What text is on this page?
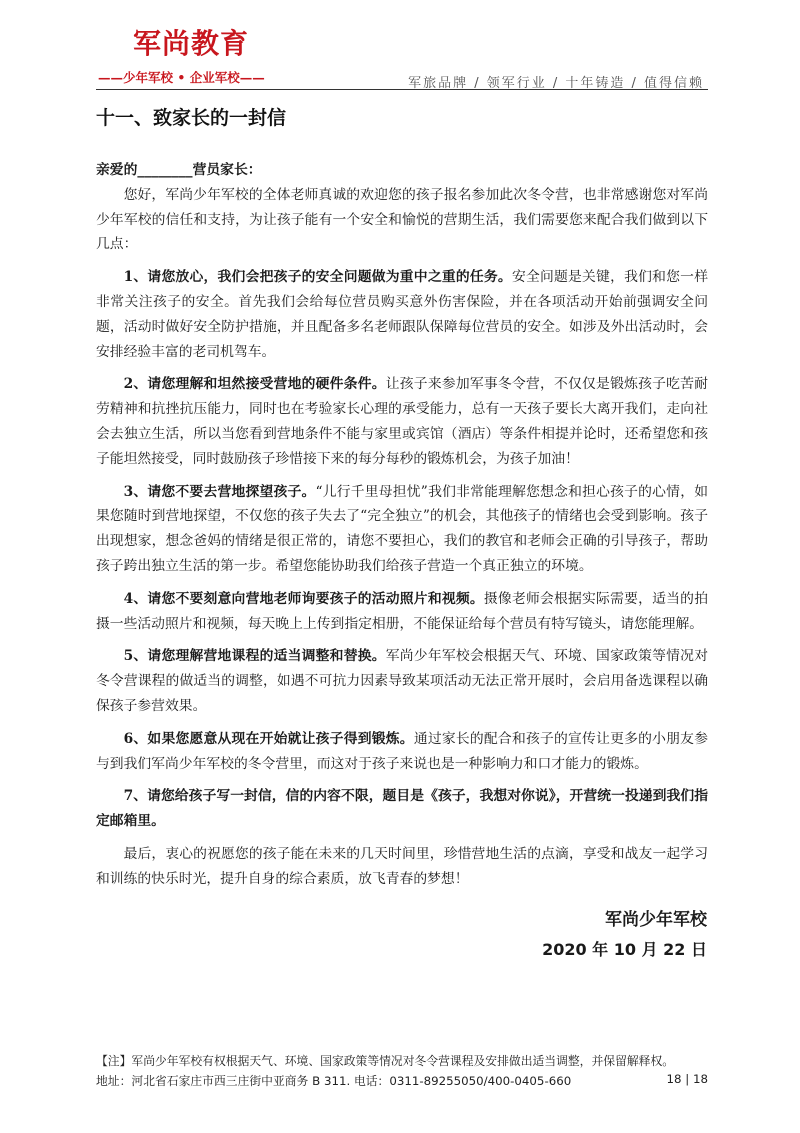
军尚教育
——少年军校 • 企业军校——	军旅品牌 / 领军行业 / 十年铸造 / 值得信赖
十一、致家长的一封信

亲爱的________营员家长：

您好，军尚少年军校的全体老师真诚的欢迎您的孩子报名参加此次冬令营，也非常感谢您对军尚少年军校的信任和支持，为让孩子能有一个安全和愉悦的营期生活，我们需要您来配合我们做到以下几点：

1、请您放心，我们会把孩子的安全问题做为重中之重的任务。安全问题是关键，我们和您一样非常关注孩子的安全。首先我们会给每位营员购买意外伤害保险，并在各项活动开始前强调安全问题，活动时做好安全防护措施，并且配备多名老师跟队保障每位营员的安全。如涉及外出活动时，会安排经验丰富的老司机驾车。

2、请您理解和坦然接受营地的硬件条件。让孩子来参加军事冬令营，不仅仅是锻炼孩子吃苦耐劳精神和抗挫抗压能力，同时也在考验家长心理的承受能力，总有一天孩子要长大离开我们，走向社会去独立生活，所以当您看到营地条件不能与家里或宾馆（酒店）等条件相提并论时，还希望您和孩子能坦然接受，同时鼓励孩子珍惜接下来的每分每秒的锻炼机会，为孩子加油！

3、请您不要去营地探望孩子。“儿行千里母担忧”我们非常能理解您想念和担心孩子的心情，如果您随时到营地探望，不仅您的孩子失去了“完全独立”的机会，其他孩子的情绪也会受到影响。孩子出现想家，想念爸妈的情绪是很正常的，请您不要担心，我们的教官和老师会正确的引导孩子，帮助孩子跨出独立生活的第一步。希望您能协助我们给孩子营造一个真正独立的环境。

4、请您不要刻意向营地老师询要孩子的活动照片和视频。摄像老师会根据实际需要，适当的拍摄一些活动照片和视频，每天晚上上传到指定相册，不能保证给每个营员有特写镜头，请您能理解。

5、请您理解营地课程的适当调整和替换。军尚少年军校会根据天气、环境、国家政策等情况对冬令营课程的做适当的调整，如遇不可抗力因素导致某项活动无法正常开展时，会启用备选课程以确保孩子参营效果。

6、如果您愿意从现在开始就让孩子得到锻炼。通过家长的配合和孩子的宣传让更多的小朋友参与到我们军尚少年军校的冬令营里，而这对于孩子来说也是一种影响力和口才能力的锻炼。

7、请您给孩子写一封信，信的内容不限，题目是《孩子，我想对你说》，开营统一投递到我们指定邮箱里。

最后，衷心的祝愿您的孩子能在未来的几天时间里，珍惜营地生活的点滴，享受和战友一起学习和训练的快乐时光，提升自身的综合素质，放飞青春的梦想！

军尚少年军校
2020 年 10 月 22 日
【注】军尚少年军校有权根据天气、环境、国家政策等情况对冬令营课程及安排做出适当调整，并保留解释权。
地址：河北省石家庄市西三庄街中亚商务 B 311. 电话：0311-89255050/400-0405-660	18 | 18
